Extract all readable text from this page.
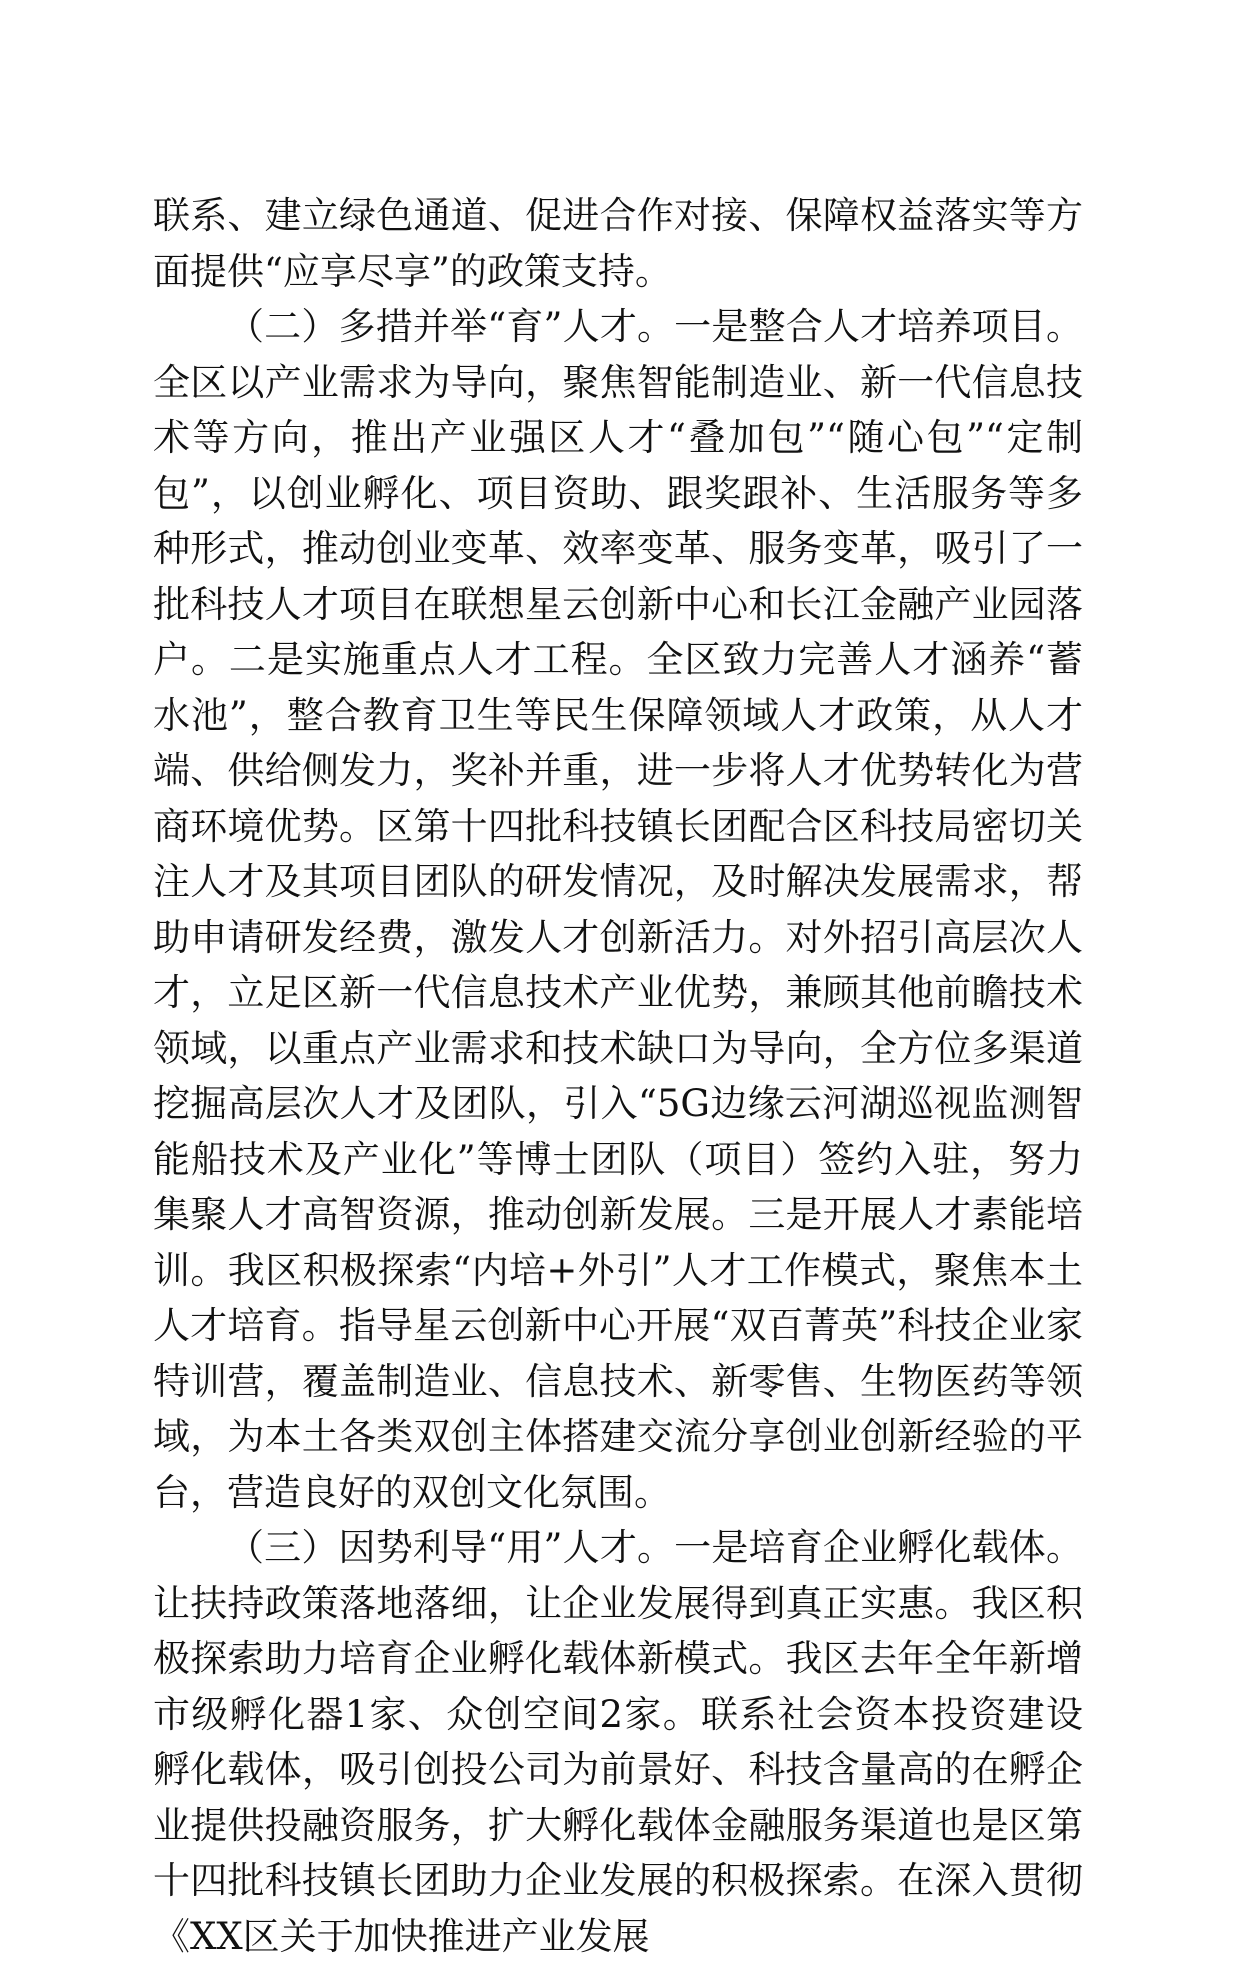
联系、建立绿色通道、促进合作对接、保障权益落实等方面提供“应享尽享”的政策支持。

（二）多措并举“育”人才。一是整合人才培养项目。全区以产业需求为导向，聚焦智能制造业、新一代信息技术等方向，推出产业强区人才“叠加包”“随心包”“定制包”，以创业孵化、项目资助、跟奖跟补、生活服务等多种形式，推动创业变革、效率变革、服务变革，吸引了一批科技人才项目在联想星云创新中心和长江金融产业园落户。二是实施重点人才工程。全区致力完善人才涵养“蓄水池”，整合教育卫生等民生保障领域人才政策，从人才端、供给侧发力，奖补并重，进一步将人才优势转化为营商环境优势。区第十四批科技镇长团配合区科技局密切关注人才及其项目团队的研发情况，及时解决发展需求，帮助申请研发经费，激发人才创新活力。对外招引高层次人才，立足区新一代信息技术产业优势，兼顾其他前瞻技术领域，以重点产业需求和技术缺口为导向，全方位多渠道挖掘高层次人才及团队，引入“5G边缘云河湖巡视监测智能船技术及产业化”等博士团队（项目）签约入驻，努力集聚人才高智资源，推动创新发展。三是开展人才素能培训。我区积极探索“内培+外引”人才工作模式，聚焦本土人才培育。指导星云创新中心开展“双百菁英”科技企业家特训营，覆盖制造业、信息技术、新零售、生物医药等领域，为本土各类双创主体搭建交流分享创业创新经验的平台，营造良好的双创文化氛围。

（三）因势利导“用”人才。一是培育企业孵化载体。让扶持政策落地落细，让企业发展得到真正实惠。我区积极探索助力培育企业孵化载体新模式。我区去年全年新增市级孵化器1家、众创空间2家。联系社会资本投资建设孵化载体，吸引创投公司为前景好、科技含量高的在孵企业提供投融资服务，扩大孵化载体金融服务渠道也是区第十四批科技镇长团助力企业发展的积极探索。在深入贯彻《XX区关于加快推进产业发展
